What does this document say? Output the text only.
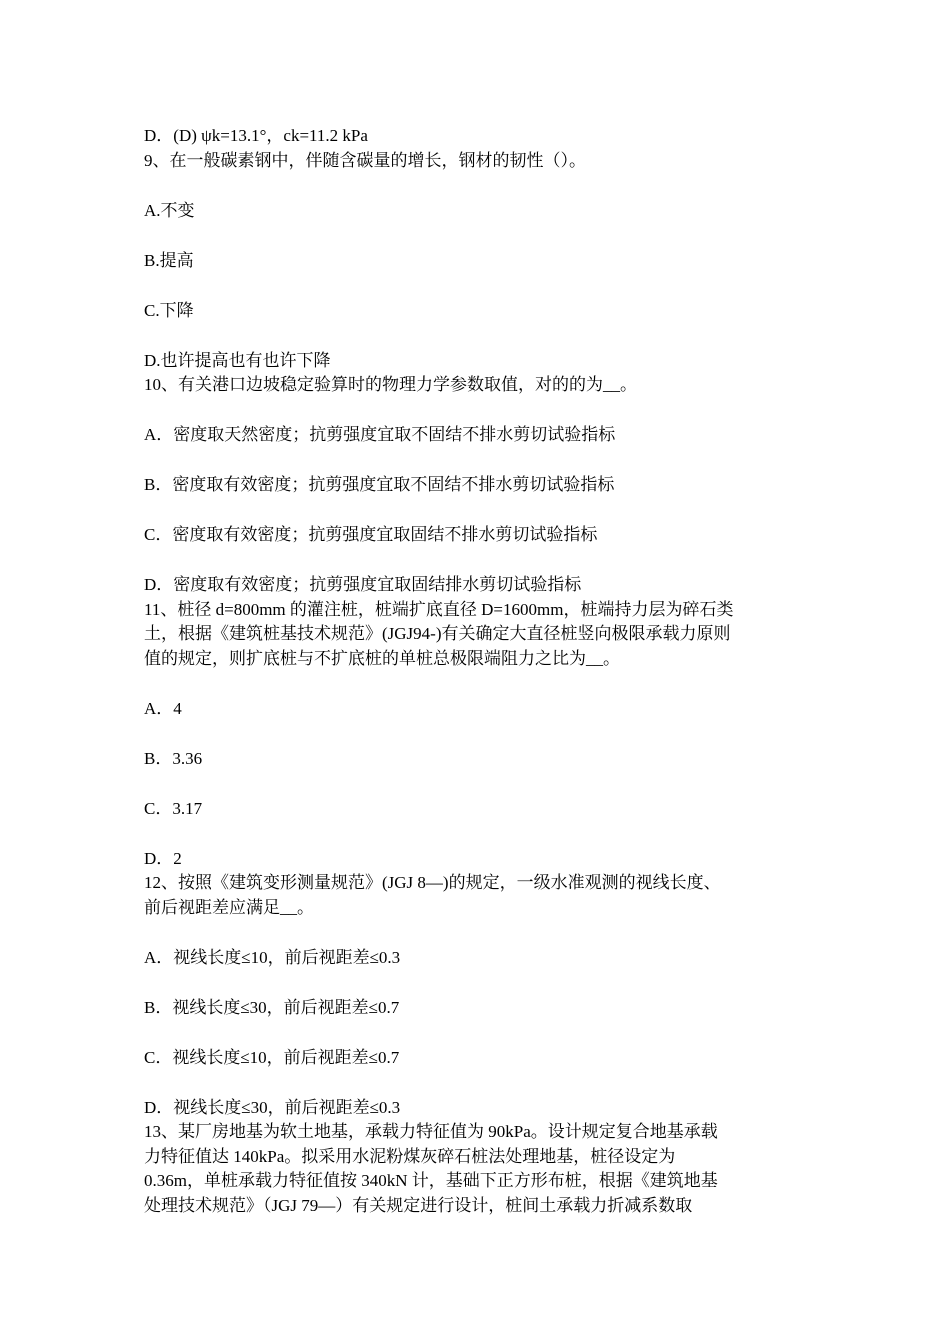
D．(D) ψk=13.1°，ck=11.2 kPa

9、在一般碳素钢中，伴随含碳量的增长，钢材的韧性（）。

A.不变

B.提高

C.下降

D.也许提高也有也许下降

10、有关港口边坡稳定验算时的物理力学参数取值，对的的为__。

A．密度取天然密度；抗剪强度宜取不固结不排水剪切试验指标

B．密度取有效密度；抗剪强度宜取不固结不排水剪切试验指标

C．密度取有效密度；抗剪强度宜取固结不排水剪切试验指标

D．密度取有效密度；抗剪强度宜取固结排水剪切试验指标

11、桩径 d=800mm 的灌注桩，桩端扩底直径 D=1600mm，桩端持力层为碎石类

土，根据《建筑桩基技术规范》(JGJ94-)有关确定大直径桩竖向极限承载力原则

值的规定，则扩底桩与不扩底桩的单桩总极限端阻力之比为__。

A．4

B．3.36

C．3.17

D．2

12、按照《建筑变形测量规范》(JGJ 8—)的规定，一级水准观测的视线长度、

前后视距差应满足__。

A．视线长度≤10，前后视距差≤0.3

B．视线长度≤30，前后视距差≤0.7

C．视线长度≤10，前后视距差≤0.7

D．视线长度≤30，前后视距差≤0.3

13、某厂房地基为软土地基，承载力特征值为 90kPa。设计规定复合地基承载

力特征值达 140kPa。拟采用水泥粉煤灰碎石桩法处理地基，桩径设定为

0.36m，单桩承载力特征值按 340kN 计，基础下正方形布桩，根据《建筑地基

处理技术规范》（JGJ 79—）有关规定进行设计，桩间土承载力折减系数取
